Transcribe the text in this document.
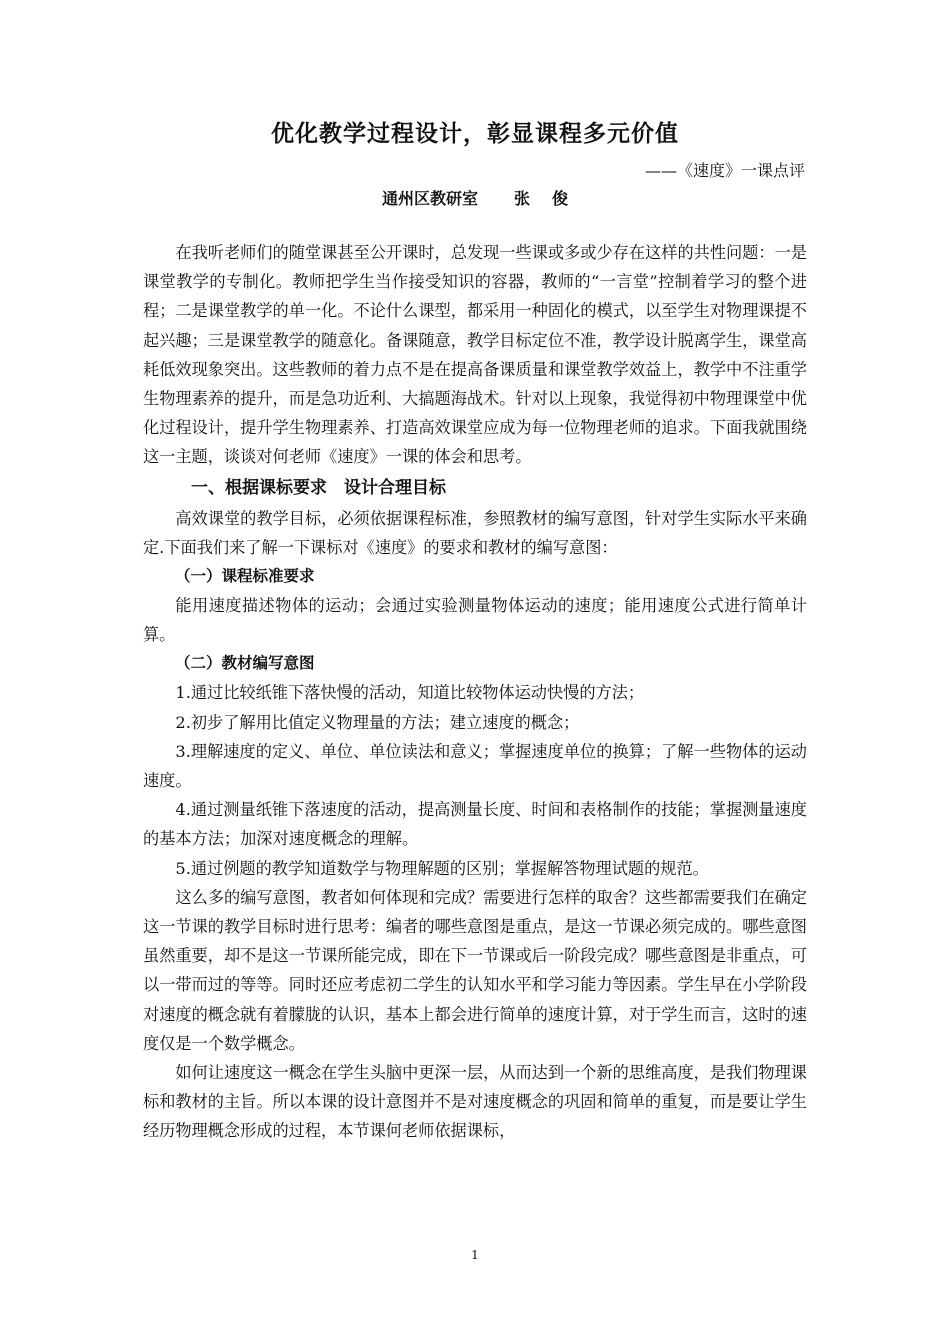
优化教学过程设计，彰显课程多元价值

——《速度》一课点评

通州区教研室 张 俊

在我听老师们的随堂课甚至公开课时，总发现一些课或多或少存在这样的共性问题：一是课堂教学的专制化。教师把学生当作接受知识的容器，教师的“一言堂”控制着学习的整个进程；二是课堂教学的单一化。不论什么课型，都采用一种固化的模式，以至学生对物理课提不起兴趣；三是课堂教学的随意化。备课随意，教学目标定位不准，教学设计脱离学生，课堂高耗低效现象突出。这些教师的着力点不是在提高备课质量和课堂教学效益上，教学中不注重学生物理素养的提升，而是急功近利、大搞题海战术。针对以上现象，我觉得初中物理课堂中优化过程设计，提升学生物理素养、打造高效课堂应成为每一位物理老师的追求。下面我就围绕这一主题，谈谈对何老师《速度》一课的体会和思考。

一、根据课标要求　设计合理目标

高效课堂的教学目标，必须依据课程标准，参照教材的编写意图，针对学生实际水平来确定.下面我们来了解一下课标对《速度》的要求和教材的编写意图：

（一）课程标准要求

能用速度描述物体的运动；会通过实验测量物体运动的速度；能用速度公式进行简单计算。

（二）教材编写意图

1.通过比较纸锥下落快慢的活动，知道比较物体运动快慢的方法；

2.初步了解用比值定义物理量的方法；建立速度的概念；

3.理解速度的定义、单位、单位读法和意义；掌握速度单位的换算；了解一些物体的运动速度。

4.通过测量纸锥下落速度的活动，提高测量长度、时间和表格制作的技能；掌握测量速度的基本方法；加深对速度概念的理解。

5.通过例题的教学知道数学与物理解题的区别；掌握解答物理试题的规范。

这么多的编写意图，教者如何体现和完成？需要进行怎样的取舍？这些都需要我们在确定这一节课的教学目标时进行思考：编者的哪些意图是重点，是这一节课必须完成的。哪些意图虽然重要，却不是这一节课所能完成，即在下一节课或后一阶段完成？哪些意图是非重点，可以一带而过的等等。同时还应考虑初二学生的认知水平和学习能力等因素。学生早在小学阶段对速度的概念就有着朦胧的认识，基本上都会进行简单的速度计算，对于学生而言，这时的速度仅是一个数学概念。

如何让速度这一概念在学生头脑中更深一层，从而达到一个新的思维高度，是我们物理课标和教材的主旨。所以本课的设计意图并不是对速度概念的巩固和简单的重复，而是要让学生经历物理概念形成的过程，本节课何老师依据课标，

1
